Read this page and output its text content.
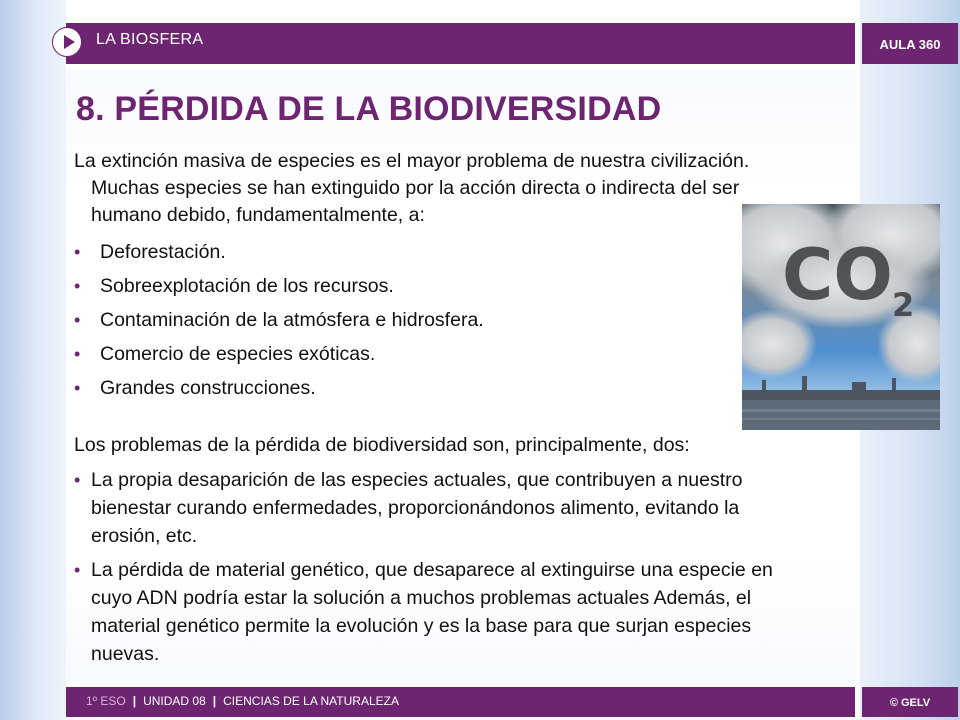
LA BIOSFERA	AULA 360
8. PÉRDIDA DE LA BIODIVERSIDAD

La extinción masiva de especies es el mayor problema de nuestra civilización. Muchas especies se han extinguido por la acción directa o indirecta del ser humano debido, fundamentalmente, a:

• Deforestación.
• Sobreexplotación de los recursos.
• Contaminación de la atmósfera e hidrosfera.
• Comercio de especies exóticas.
• Grandes construcciones.

Los problemas de la pérdida de biodiversidad son, principalmente, dos:

• La propia desaparición de las especies actuales, que contribuyen a nuestro bienestar curando enfermedades, proporcionándonos alimento, evitando la erosión, etc.
• La pérdida de material genético, que desaparece al extinguirse una especie en cuyo ADN podría estar la solución a muchos problemas actuales Además, el material genético permite la evolución y es la base para que surjan especies nuevas.
CO 2
1º ESO | UNIDAD 08 | CIENCIAS DE LA NATURALEZA	© GELV
